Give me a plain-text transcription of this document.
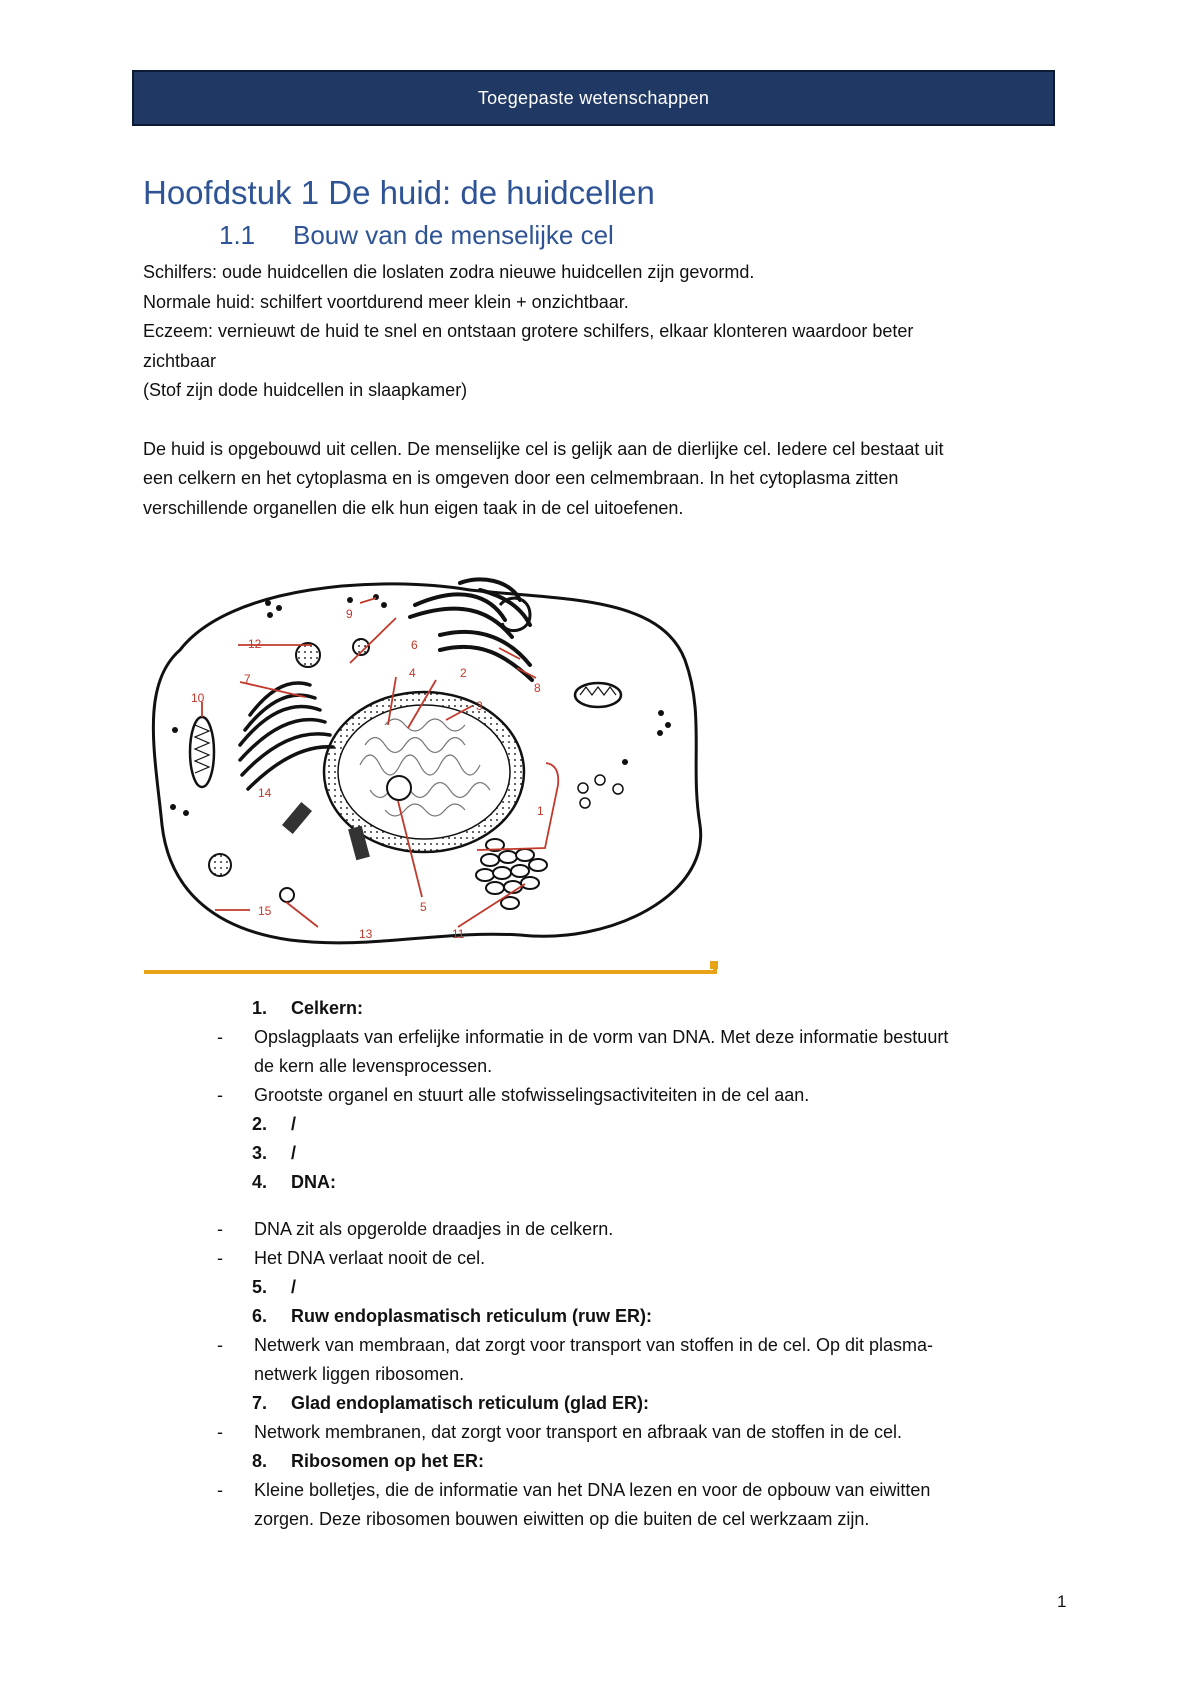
Toegepaste wetenschappen
Hoofdstuk 1 De huid: de huidcellen
1.1 Bouw van de menselijke cel

Schilfers: oude huidcellen die loslaten zodra nieuwe huidcellen zijn gevormd.

Normale huid: schilfert voortdurend meer klein + onzichtbaar.

Eczeem: vernieuwt de huid te snel en ontstaan grotere schilfers, elkaar klonteren waardoor beter

zichtbaar

(Stof zijn dode huidcellen in slaapkamer)

De huid is opgebouwd uit cellen. De menselijke cel is gelijk aan de dierlijke cel. Iedere cel bestaat uit

een celkern en het cytoplasma en is omgeven door een celmembraan. In het cytoplasma zitten

verschillende organellen die elk hun eigen taak in de cel uitoefenen.

1
2
3
4
5
6
7
8
9
10
11
12
13
14
15
1. Celkern:
- Opslagplaats van erfelijke informatie in de vorm van DNA. Met deze informatie bestuurt
de kern alle levensprocessen.
- Grootste organel en stuurt alle stofwisselingsactiviteiten in de cel aan.
2. /
3. /
4. DNA:
- DNA zit als opgerolde draadjes in de celkern.
- Het DNA verlaat nooit de cel.
5. /
6. Ruw endoplasmatisch reticulum (ruw ER):
- Netwerk van membraan, dat zorgt voor transport van stoffen in de cel. Op dit plasma-
netwerk liggen ribosomen.
7. Glad endoplamatisch reticulum (glad ER):
- Network membranen, dat zorgt voor transport en afbraak van de stoffen in de cel.
8. Ribosomen op het ER:
- Kleine bolletjes, die de informatie van het DNA lezen en voor de opbouw van eiwitten
zorgen. Deze ribosomen bouwen eiwitten op die buiten de cel werkzaam zijn.
1
